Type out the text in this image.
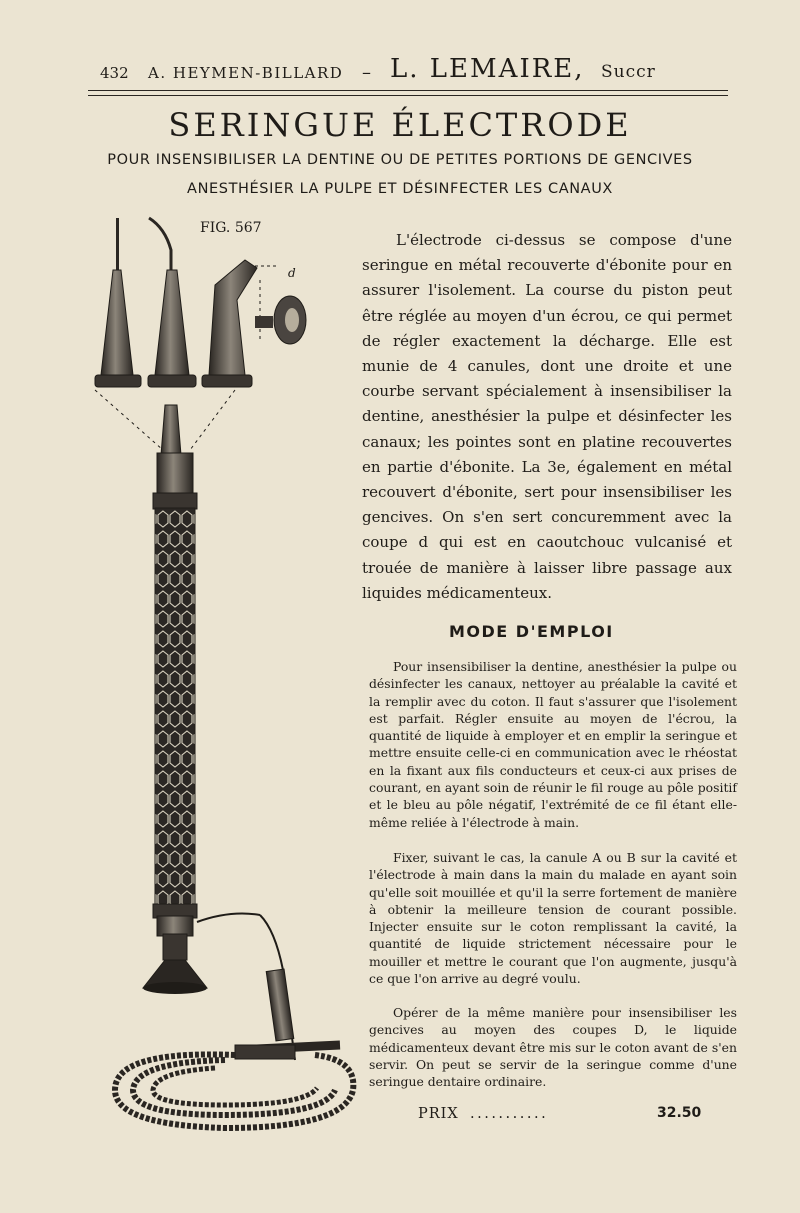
432 A. HEYMEN-BILLARD – L. LEMAIRE, Succr
SERINGUE ÉLECTRODE
POUR INSENSIBILISER LA DENTINE OU DE PETITES PORTIONS DE GENCIVES
ANESTHÉSIER LA PULPE ET DÉSINFECTER LES CANAUX
FIG. 567
d

L'électrode ci-dessus se compose d'une seringue en métal recouverte d'ébonite pour en assurer l'isolement. La course du piston peut être réglée au moyen d'un écrou, ce qui permet de régler exactement la décharge. Elle est munie de 4 canules, dont une droite et une courbe servant spécialement à insensibiliser la dentine, anesthésier la pulpe et désinfecter les canaux; les pointes sont en platine recouvertes en partie d'ébonite. La 3e, également en métal recouvert d'ébonite, sert pour insensibiliser les gencives. On s'en sert concuremment avec la coupe d qui est en caoutchouc vulcanisé et trouée de manière à laisser libre passage aux liquides médicamenteux.

MODE D'EMPLOI

Pour insensibiliser la dentine, anesthésier la pulpe ou désinfecter les canaux, nettoyer au préalable la cavité et la remplir avec du coton. Il faut s'assurer que l'isolement est parfait. Régler ensuite au moyen de l'écrou, la quantité de liquide à employer et en emplir la seringue et mettre ensuite celle-ci en communication avec le rhéostat en la fixant aux fils conducteurs et ceux-ci aux prises de courant, en ayant soin de réunir le fil rouge au pôle positif et le bleu au pôle négatif, l'extrémité de ce fil étant elle-même reliée à l'électrode à main.

Fixer, suivant le cas, la canule A ou B sur la cavité et l'électrode à main dans la main du malade en ayant soin qu'elle soit mouillée et qu'il la serre fortement de manière à obtenir la meilleure tension de courant possible. Injecter ensuite sur le coton remplissant la cavité, la quantité de liquide strictement nécessaire pour le mouiller et mettre le courant que l'on augmente, jusqu'à ce que l'on arrive au degré voulu.

Opérer de la même manière pour insensibiliser les gencives au moyen des coupes D, le liquide médicamenteux devant être mis sur le coton avant de s'en servir. On peut se servir de la seringue comme d'une seringue dentaire ordinaire.

PRIX ...........	32.50
